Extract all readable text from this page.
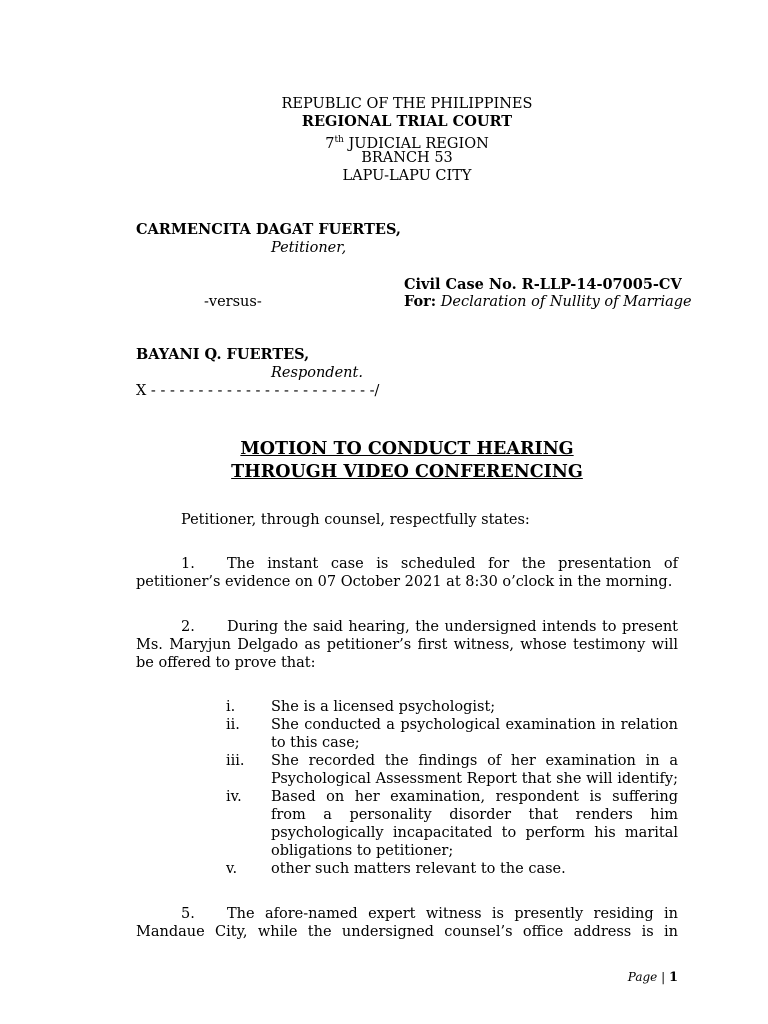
REPUBLIC OF THE PHILIPPINES
REGIONAL TRIAL COURT
7th JUDICIAL REGION
BRANCH 53
LAPU-LAPU CITY
CARMENCITA DAGAT FUERTES,
Petitioner,
Civil Case No. R-LLP-14-07005-CV
-versus-	For: Declaration of Nullity of Marriage
BAYANI Q. FUERTES,
Respondent.
X - - - - - - - - - - - - - - - - - - - - - - - -/
MOTION TO CONDUCT HEARING
THROUGH VIDEO CONFERENCING
Petitioner, through counsel, respectfully states:
1. The instant case is scheduled for the presentation of
petitioner’s evidence on 07 October 2021 at 8:30 o’clock in the morning.
2. During the said hearing, the undersigned intends to present
Ms. Maryjun Delgado as petitioner’s first witness, whose testimony will
be offered to prove that:
i. She is a licensed psychologist;
ii. She conducted a psychological examination in relation
to this case;
iii. She recorded the findings of her examination in a
Psychological Assessment Report that she will identify;
iv. Based on her examination, respondent is suffering
from a personality disorder that renders him
psychologically incapacitated to perform his marital
obligations to petitioner;
v. other such matters relevant to the case.
5. The afore-named expert witness is presently residing in
Mandaue City, while the undersigned counsel’s office address is in
Page | 1
